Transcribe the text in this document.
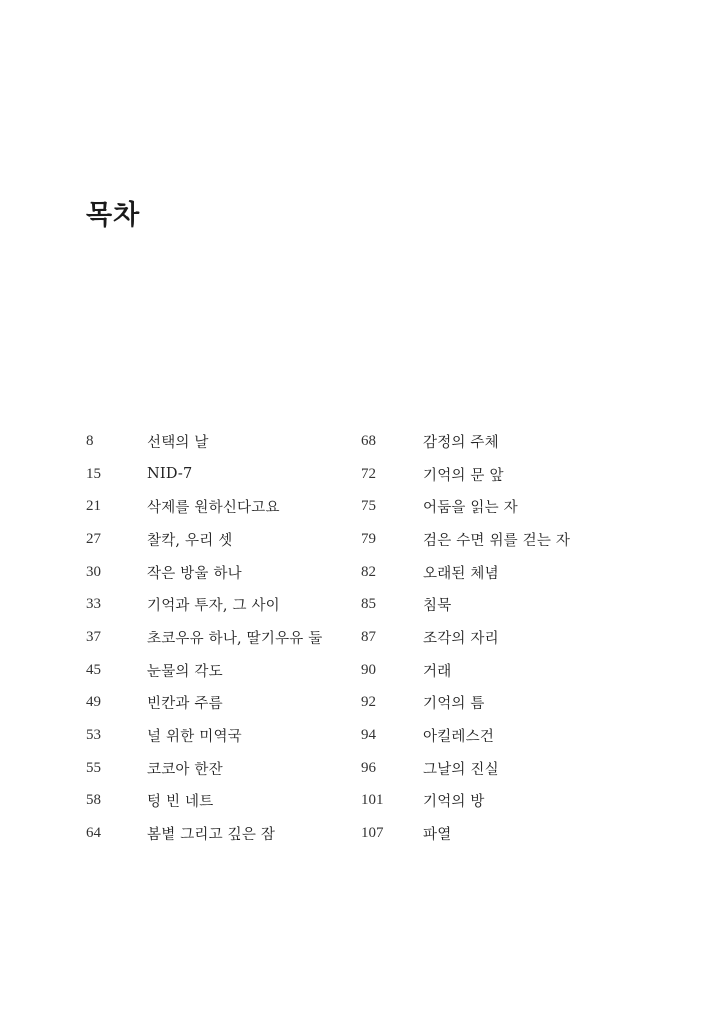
목차
8	선택의 날
15	NID-7
21	삭제를 원하신다고요
27	찰칵, 우리 셋
30	작은 방울 하나
33	기억과 투자, 그 사이
37	초코우유 하나, 딸기우유 둘
45	눈물의 각도
49	빈칸과 주름
53	널 위한 미역국
55	코코아 한잔
58	텅 빈 네트
64	봄볕 그리고 깊은 잠
68	감정의 주체
72	기억의 문 앞
75	어둠을 읽는 자
79	검은 수면 위를 걷는 자
82	오래된 체념
85	침묵
87	조각의 자리
90	거래
92	기억의 틈
94	아킬레스건
96	그날의 진실
101	기억의 방
107	파열
